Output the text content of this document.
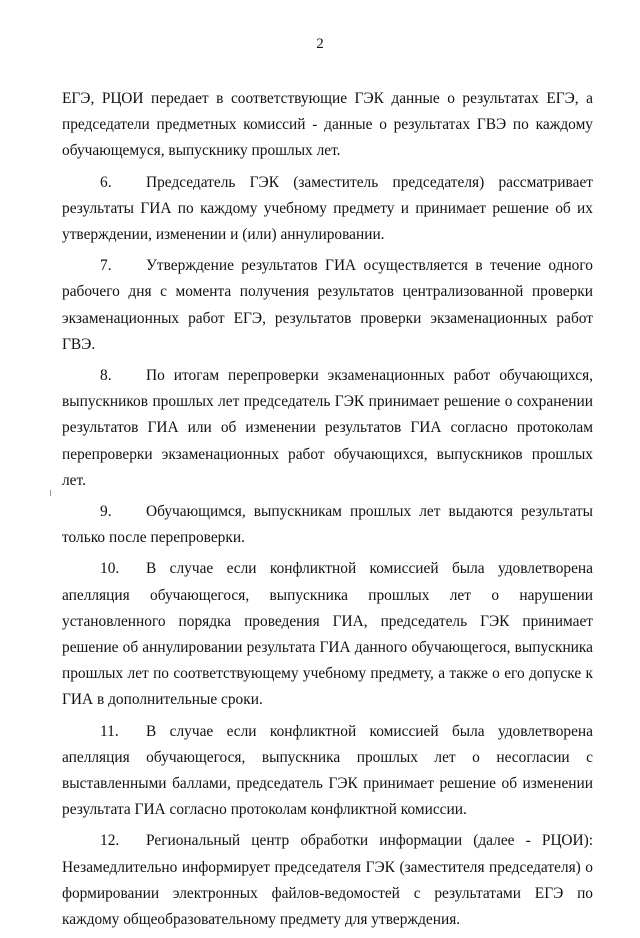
2

ЕГЭ, РЦОИ передает в соответствующие ГЭК данные о результатах ЕГЭ, а председатели предметных комиссий - данные о результатах ГВЭ по каждому обучающемуся, выпускнику прошлых лет.

6. Председатель ГЭК (заместитель председателя) рассматривает результаты ГИА по каждому учебному предмету и принимает решение об их утверждении, изменении и (или) аннулировании.

7. Утверждение результатов ГИА осуществляется в течение одного рабочего дня с момента получения результатов централизованной проверки экзаменационных работ ЕГЭ, результатов проверки экзаменационных работ ГВЭ.

8. По итогам перепроверки экзаменационных работ обучающихся, выпускников прошлых лет председатель ГЭК принимает решение о сохранении результатов ГИА или об изменении результатов ГИА согласно протоколам перепроверки экзаменационных работ обучающихся, выпускников прошлых лет.

9. Обучающимся, выпускникам прошлых лет выдаются результаты только после перепроверки.

10. В случае если конфликтной комиссией была удовлетворена апелляция обучающегося, выпускника прошлых лет о нарушении установленного порядка проведения ГИА, председатель ГЭК принимает решение об аннулировании результата ГИА данного обучающегося, выпускника прошлых лет по соответствующему учебному предмету, а также о его допуске к ГИА в дополнительные сроки.

11. В случае если конфликтной комиссией была удовлетворена апелляция обучающегося, выпускника прошлых лет о несогласии с выставленными баллами, председатель ГЭК принимает решение об изменении результата ГИА согласно протоколам конфликтной комиссии.

12. Региональный центр обработки информации (далее - РЦОИ): Незамедлительно информирует председателя ГЭК (заместителя председателя) о формировании электронных файлов-ведомостей с результатами ЕГЭ по каждому общеобразовательному предмету для утверждения.
